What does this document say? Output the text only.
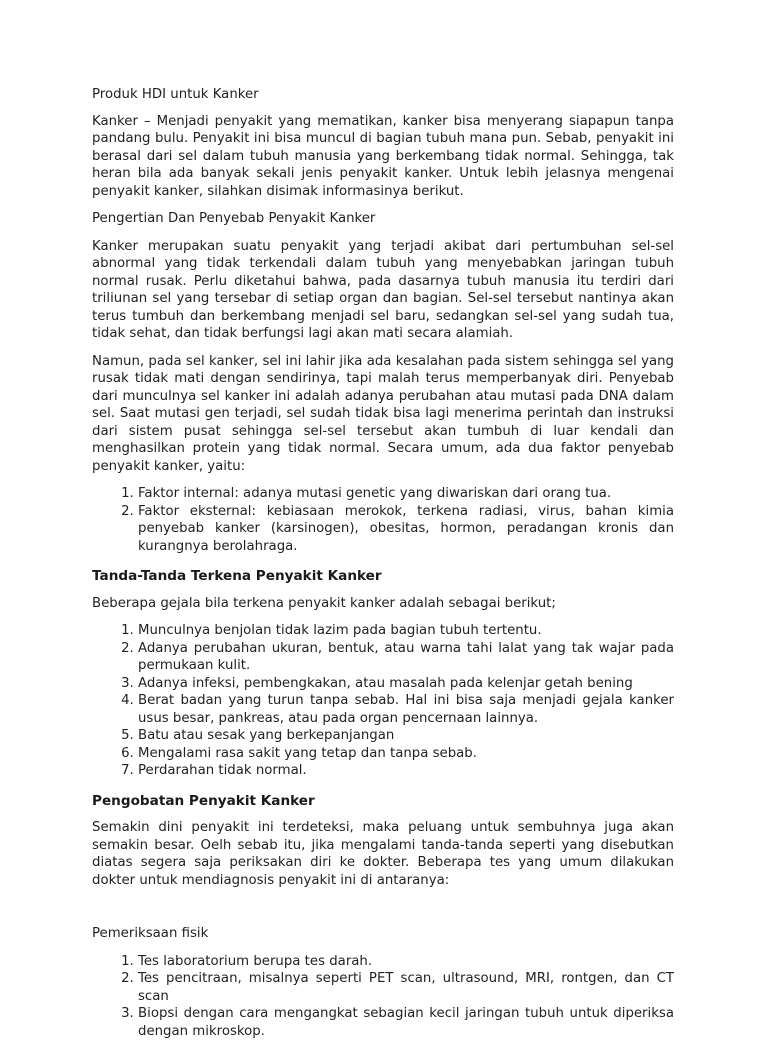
Produk HDI untuk Kanker

Kanker – Menjadi penyakit yang mematikan, kanker bisa menyerang siapapun tanpa pandang bulu. Penyakit ini bisa muncul di bagian tubuh mana pun. Sebab, penyakit ini berasal dari sel dalam tubuh manusia yang berkembang tidak normal. Sehingga, tak heran bila ada banyak sekali jenis penyakit kanker. Untuk lebih jelasnya mengenai penyakit kanker, silahkan disimak informasinya berikut.

Pengertian Dan Penyebab Penyakit Kanker

Kanker merupakan suatu penyakit yang terjadi akibat dari pertumbuhan sel-sel abnormal yang tidak terkendali dalam tubuh yang menyebabkan jaringan tubuh normal rusak. Perlu diketahui bahwa, pada dasarnya tubuh manusia itu terdiri dari triliunan sel yang tersebar di setiap organ dan bagian. Sel-sel tersebut nantinya akan terus tumbuh dan berkembang menjadi sel baru, sedangkan sel-sel yang sudah tua, tidak sehat, dan tidak berfungsi lagi akan mati secara alamiah.

Namun, pada sel kanker, sel ini lahir jika ada kesalahan pada sistem sehingga sel yang rusak tidak mati dengan sendirinya, tapi malah terus memperbanyak diri. Penyebab dari munculnya sel kanker ini adalah adanya perubahan atau mutasi pada DNA dalam sel. Saat mutasi gen terjadi, sel sudah tidak bisa lagi menerima perintah dan instruksi dari sistem pusat sehingga sel-sel tersebut akan tumbuh di luar kendali dan menghasilkan protein yang tidak normal. Secara umum, ada dua faktor penyebab penyakit kanker, yaitu:

1. Faktor internal: adanya mutasi genetic yang diwariskan dari orang tua.
2. Faktor eksternal: kebiasaan merokok, terkena radiasi, virus, bahan kimia penyebab kanker (karsinogen), obesitas, hormon, peradangan kronis dan kurangnya berolahraga.
Tanda-Tanda Terkena Penyakit Kanker

Beberapa gejala bila terkena penyakit kanker adalah sebagai berikut;

1. Munculnya benjolan tidak lazim pada bagian tubuh tertentu.
2. Adanya perubahan ukuran, bentuk, atau warna tahi lalat yang tak wajar pada permukaan kulit.
3. Adanya infeksi, pembengkakan, atau masalah pada kelenjar getah bening
4. Berat badan yang turun tanpa sebab. Hal ini bisa saja menjadi gejala kanker usus besar, pankreas, atau pada organ pencernaan lainnya.
5. Batu atau sesak yang berkepanjangan
6. Mengalami rasa sakit yang tetap dan tanpa sebab.
7. Perdarahan tidak normal.
Pengobatan Penyakit Kanker

Semakin dini penyakit ini terdeteksi, maka peluang untuk sembuhnya juga akan semakin besar. Oelh sebab itu, jika mengalami tanda-tanda seperti yang disebutkan diatas segera saja periksakan diri ke dokter. Beberapa tes yang umum dilakukan dokter untuk mendiagnosis penyakit ini di antaranya:

Pemeriksaan fisik

1. Tes laboratorium berupa tes darah.
2. Tes pencitraan, misalnya seperti PET scan, ultrasound, MRI, rontgen, dan CT scan
3. Biopsi dengan cara mengangkat sebagian kecil jaringan tubuh untuk diperiksa dengan mikroskop.
